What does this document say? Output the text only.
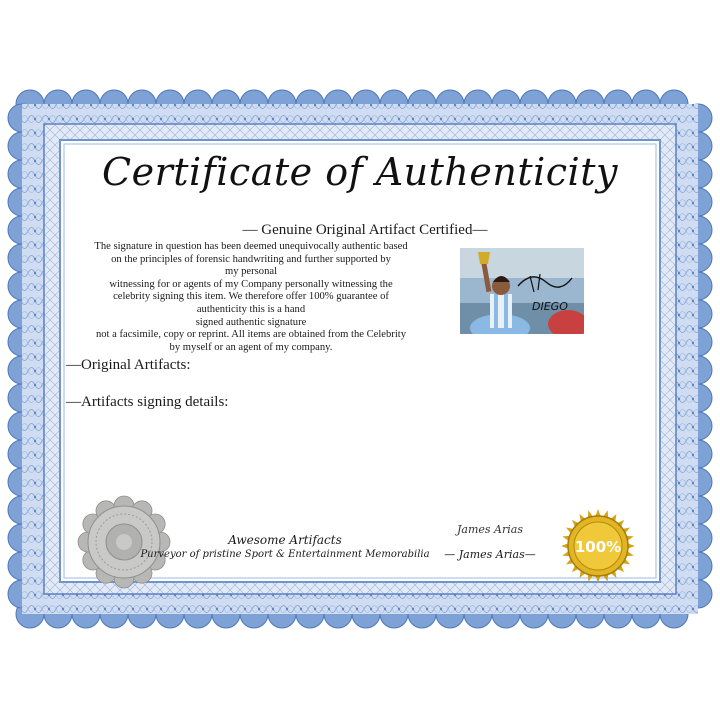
Certificate of Authenticity
— Genuine Original Artifact Certified—
The signature in question has been deemed unequivocally authentic based
on the principles of forensic handwriting and further supported by
my personal
witnessing for or agents of my Company personally witnessing the
celebrity signing this item. We therefore offer 100% guarantee of
authenticity this is a hand
signed authentic signature
not a facsimile, copy or reprint. All items are obtained from the Celebrity
by myself or an agent of my company.
DIEGO
—Original Artifacts:
—Artifacts signing details:
Awesome Artifacts
Purveyor of pristine Sport & Entertainment Memorabilia
James Arias
— James Arias—	100%
